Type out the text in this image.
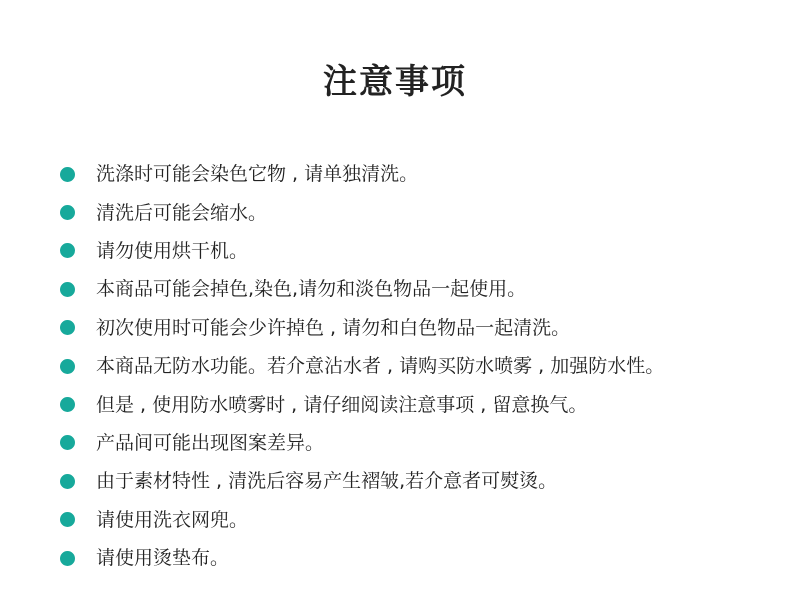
注意事项
洗涤时可能会染色它物 , 请单独清洗。
清洗后可能会缩水。
请勿使用烘干机。
本商品可能会掉色,染色,请勿和淡色物品一起使用。
初次使用时可能会少许掉色 , 请勿和白色物品一起清洗。
本商品无防水功能。若介意沾水者 , 请购买防水喷雾 , 加强防水性。
但是 , 使用防水喷雾时 , 请仔细阅读注意事项 , 留意换气。
产品间可能出现图案差异。
由于素材特性 , 清洗后容易产生褶皱,若介意者可熨烫。
请使用洗衣网兜。
请使用烫垫布。
